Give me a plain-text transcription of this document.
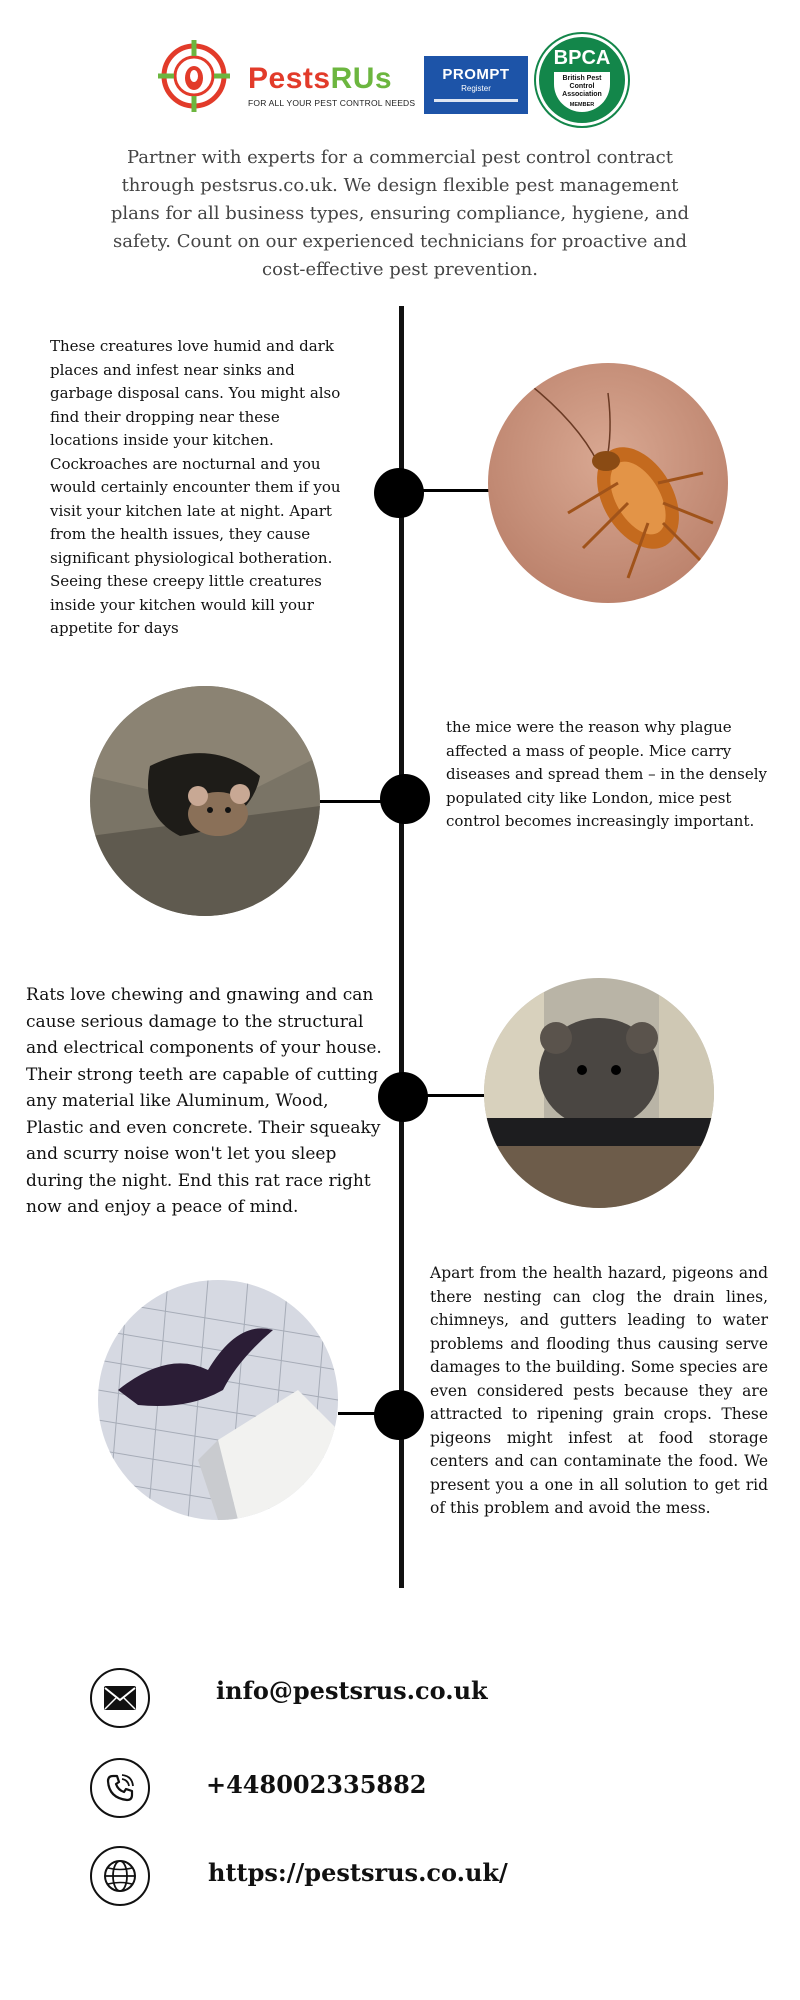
PestsRUs
FOR ALL YOUR PEST CONTROL NEEDS
PROMPT
Register
BPCA
British Pest
Control
Association
MEMBER
Partner with experts for a commercial pest control contract through pestsrus.co.uk. We design flexible pest management plans for all business types, ensuring compliance, hygiene, and safety. Count on our experienced technicians for proactive and cost-effective pest prevention.
These creatures love humid and dark places and infest near sinks and garbage disposal cans. You might also find their dropping near these locations inside your kitchen. Cockroaches are nocturnal and you would certainly encounter them if you visit your kitchen late at night. Apart from the health issues, they cause significant physiological botheration. Seeing these creepy little creatures inside your kitchen would kill your appetite for days
the mice were the reason why plague affected a mass of people. Mice carry diseases and spread them – in the densely populated city like London, mice pest control becomes increasingly important.
Rats love chewing and gnawing and can cause serious damage to the structural and electrical components of your house. Their strong teeth are capable of cutting any material like Aluminum, Wood, Plastic and even concrete. Their squeaky and scurry noise won't let you sleep during the night. End this rat race right now and enjoy a peace of mind.
Apart from the health hazard, pigeons and there nesting can clog the drain lines, chimneys, and gutters leading to water problems and flooding thus causing serve damages to the building. Some species are even considered pests because they are attracted to ripening grain crops. These pigeons might infest at food storage centers and can contaminate the food. We present you a one in all solution to get rid of this problem and avoid the mess.
info@pestsrus.co.uk
+448002335882
https://pestsrus.co.uk/
